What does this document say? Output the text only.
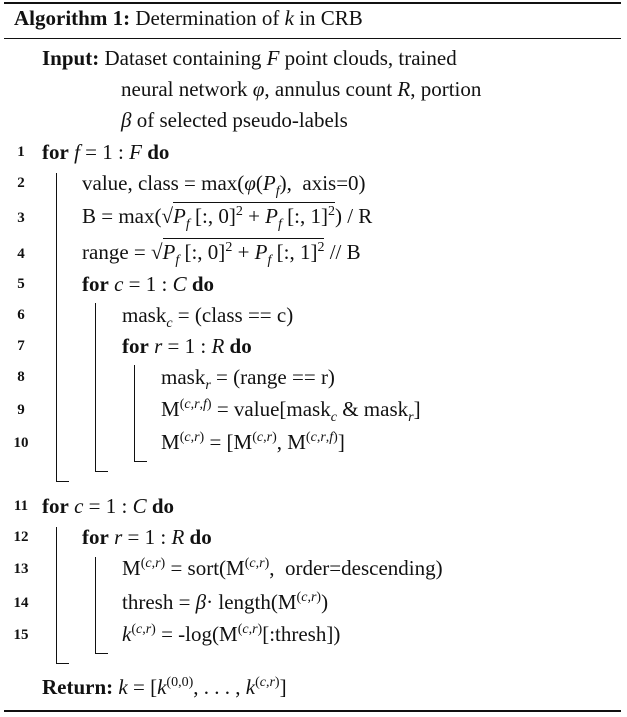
Algorithm 1: Determination of k in CRB
Input: Dataset containing F point clouds, trained
neural network φ, annulus count R, portion
β of selected pseudo-labels
1 for f = 1 : F do
2	value, class = $\max(\varphi(P_f)$,  axis=0)
3	$B = \max(√P_f$ [:, $0]^2 + P_f$ [:, 1]$^2$) / R
4	range = $√P_f$ [:, $0]^2 + P_f$ [:, 1]$^2$ // B
5	for c = 1 : C do
6	mask$_c$ = (class == c)
7	for r = 1 : R do
8	mask$_r$ = (range == r)
9	M$^{(c,r,f)}$ = value[mask$_c$ & mask$_r$]
10	$M^{(c,r)} = [M^{(c,r)}$, M$^{(c,r,f)}$]
11 for c = 1 : C do
12	for r = 1 : R do
13	$M^{(c,r)} = sort(M^{(c,r)}$,  order=descending)
14	thresh = $\beta\cdot length(M^{(c,r)})$
15	$k^{(c,r)}$ = $-\log(M^{(c,r)}[:thresh])$
Return: $k = [k^{(0,0)}$, . . . , $k^{(c,r)}$]
